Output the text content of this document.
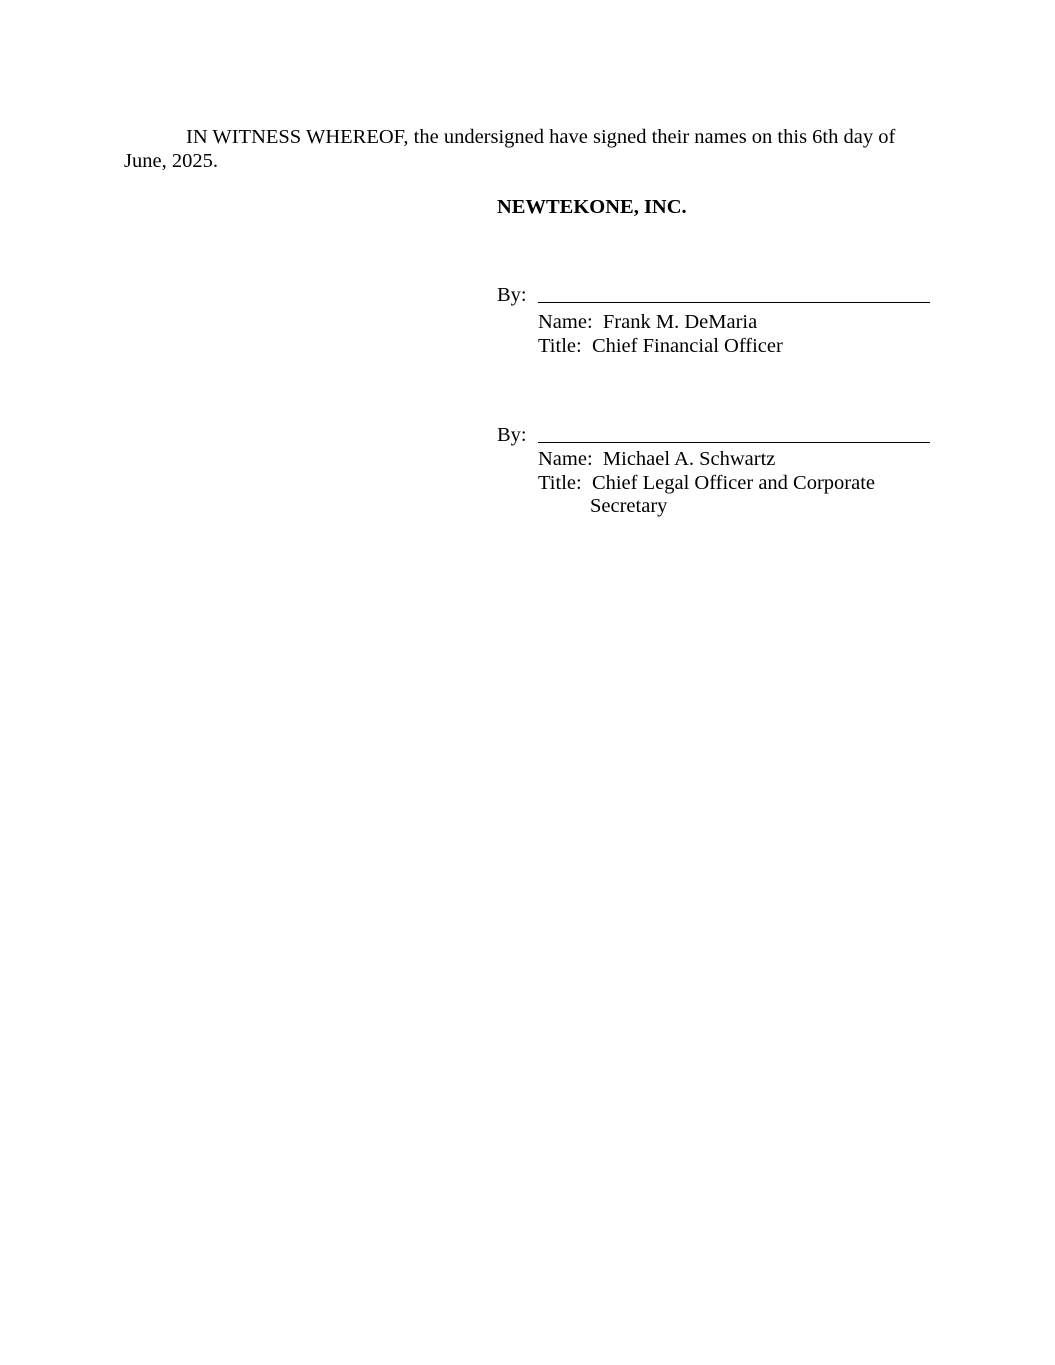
IN WITNESS WHEREOF, the undersigned have signed their names on this 6th day of
June, 2025.
NEWTEKONE, INC.
By:
Name: Frank M. DeMaria
Title: Chief Financial Officer
By:
Name: Michael A. Schwartz
Title: Chief Legal Officer and Corporate
Secretary
